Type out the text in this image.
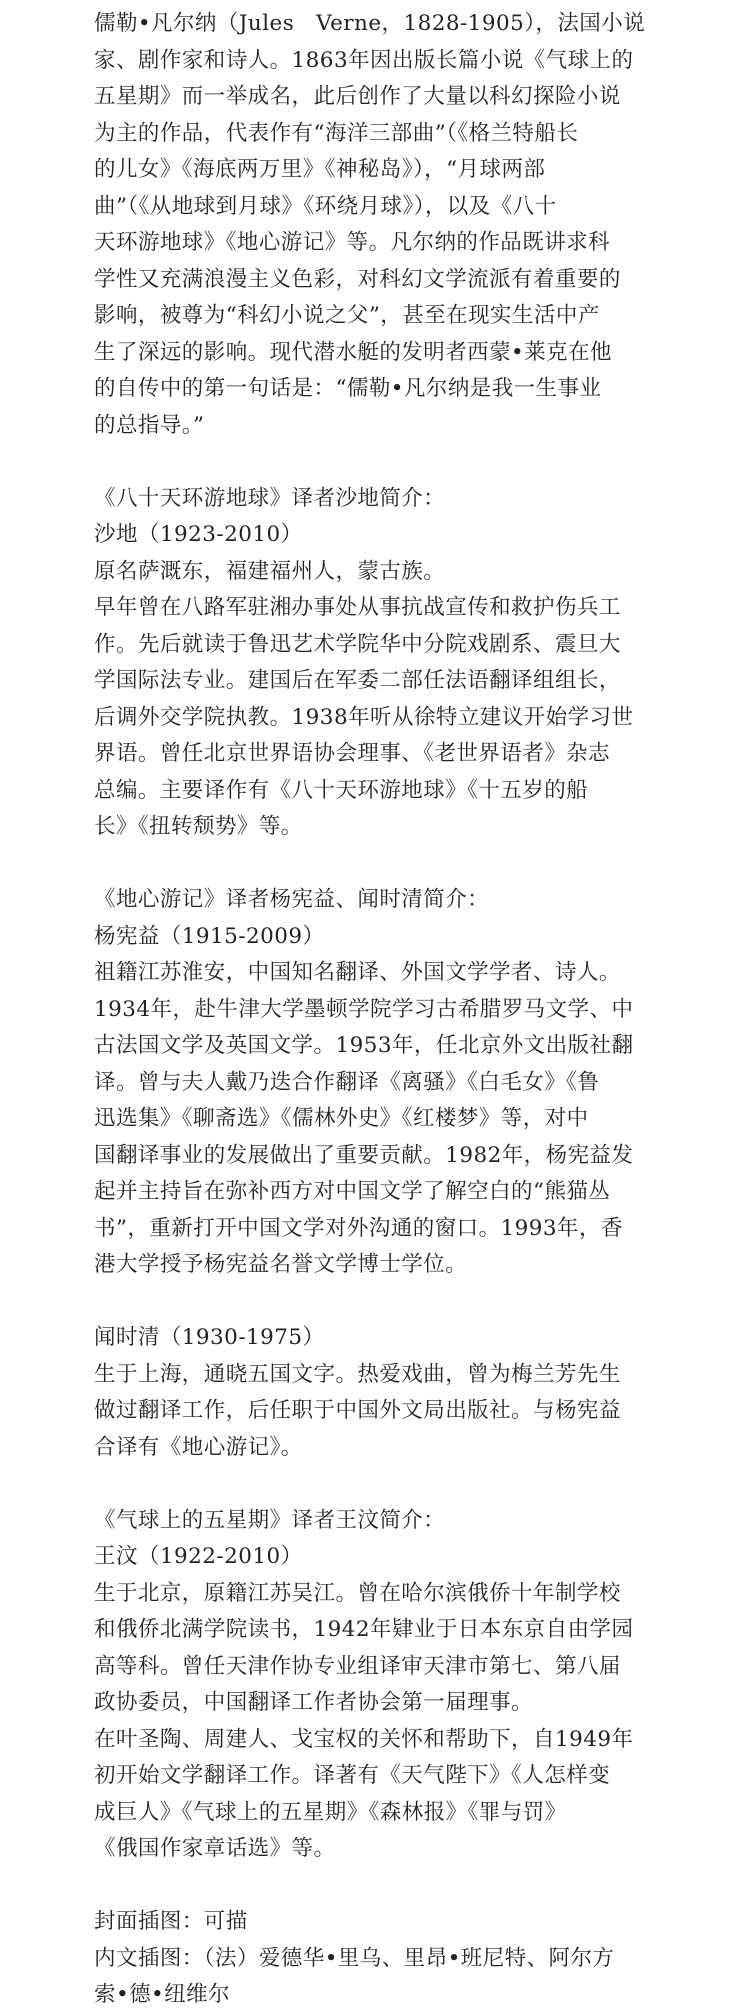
儒勒•凡尔纳（Jules　Verne，1828-1905），法国小说
家、剧作家和诗人。1863年因出版长篇小说《气球上的
五星期》而一举成名，此后创作了大量以科幻探险小说
为主的作品，代表作有“海洋三部曲”（《格兰特船长
的儿女》《海底两万里》《神秘岛》），“月球两部
曲”（《从地球到月球》《环绕月球》），以及《八十
天环游地球》《地心游记》等。凡尔纳的作品既讲求科
学性又充满浪漫主义色彩，对科幻文学流派有着重要的
影响，被尊为“科幻小说之父”，甚至在现实生活中产
生了深远的影响。现代潜水艇的发明者西蒙•莱克在他
的自传中的第一句话是：“儒勒•凡尔纳是我一生事业
的总指导。”
《八十天环游地球》译者沙地简介：
沙地（1923-2010）
原名萨溉东，福建福州人，蒙古族。
早年曾在八路军驻湘办事处从事抗战宣传和救护伤兵工
作。先后就读于鲁迅艺术学院华中分院戏剧系、震旦大
学国际法专业。建国后在军委二部任法语翻译组组长，
后调外交学院执教。1938年听从徐特立建议开始学习世
界语。曾任北京世界语协会理事、《老世界语者》杂志
总编。主要译作有《八十天环游地球》《十五岁的船
长》《扭转颓势》等。
《地心游记》译者杨宪益、闻时清简介：
杨宪益（1915-2009）
祖籍江苏淮安，中国知名翻译、外国文学学者、诗人。
1934年，赴牛津大学墨顿学院学习古希腊罗马文学、中
古法国文学及英国文学。1953年，任北京外文出版社翻
译。曾与夫人戴乃迭合作翻译《离骚》《白毛女》《鲁
迅选集》《聊斋选》《儒林外史》《红楼梦》等，对中
国翻译事业的发展做出了重要贡献。1982年，杨宪益发
起并主持旨在弥补西方对中国文学了解空白的“熊猫丛
书”，重新打开中国文学对外沟通的窗口。1993年，香
港大学授予杨宪益名誉文学博士学位。
闻时清（1930-1975）
生于上海，通晓五国文字。热爱戏曲，曾为梅兰芳先生
做过翻译工作，后任职于中国外文局出版社。与杨宪益
合译有《地心游记》。
《气球上的五星期》译者王汶简介：
王汶（1922-2010）
生于北京，原籍江苏吴江。曾在哈尔滨俄侨十年制学校
和俄侨北满学院读书，1942年肄业于日本东京自由学园
高等科。曾任天津作协专业组译审天津市第七、第八届
政协委员，中国翻译工作者协会第一届理事。
在叶圣陶、周建人、戈宝权的关怀和帮助下，自1949年
初开始文学翻译工作。译著有《天气陛下》《人怎样变
成巨人》《气球上的五星期》《森林报》《罪与罚》
《俄国作家章话选》等。
封面插图：可描
内文插图：（法）爱德华•里乌、里昂•班尼特、阿尔方
索•德•纽维尔
